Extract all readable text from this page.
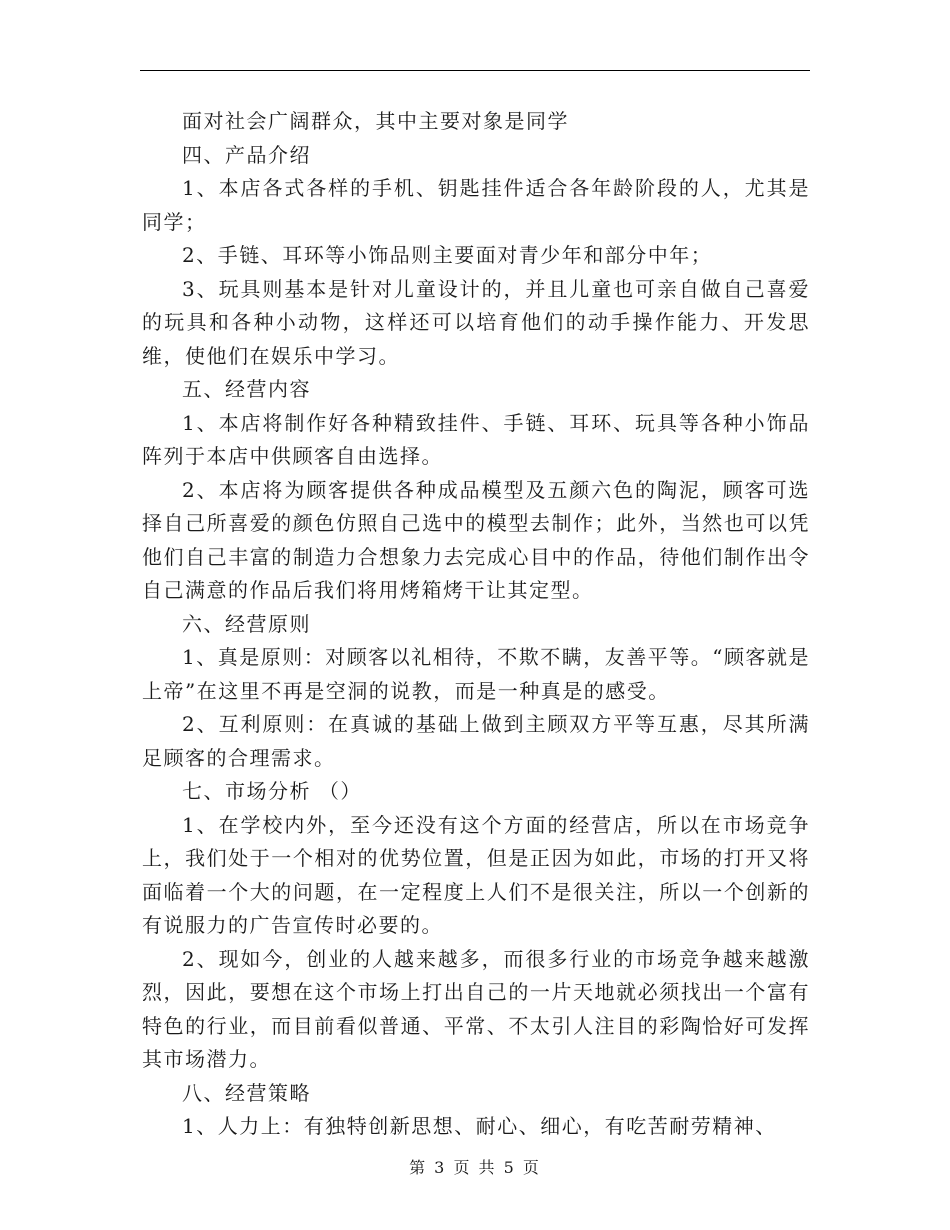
面对社会广阔群众，其中主要对象是同学

四、产品介绍

1、本店各式各样的手机、钥匙挂件适合各年龄阶段的人，尤其是同学；

2、手链、耳环等小饰品则主要面对青少年和部分中年；

3、玩具则基本是针对儿童设计的，并且儿童也可亲自做自己喜爱的玩具和各种小动物，这样还可以培育他们的动手操作能力、开发思维，使他们在娱乐中学习。

五、经营内容

1、本店将制作好各种精致挂件、手链、耳环、玩具等各种小饰品阵列于本店中供顾客自由选择。

2、本店将为顾客提供各种成品模型及五颜六色的陶泥，顾客可选择自己所喜爱的颜色仿照自己选中的模型去制作；此外，当然也可以凭他们自己丰富的制造力合想象力去完成心目中的作品，待他们制作出令自己满意的作品后我们将用烤箱烤干让其定型。

六、经营原则

1、真是原则：对顾客以礼相待，不欺不瞒，友善平等。“顾客就是上帝”在这里不再是空洞的说教，而是一种真是的感受。

2、互利原则：在真诚的基础上做到主顾双方平等互惠，尽其所满足顾客的合理需求。

七、市场分析 （）

1、在学校内外，至今还没有这个方面的经营店，所以在市场竞争上，我们处于一个相对的优势位置，但是正因为如此，市场的打开又将面临着一个大的问题，在一定程度上人们不是很关注，所以一个创新的有说服力的广告宣传时必要的。

2、现如今，创业的人越来越多，而很多行业的市场竞争越来越激烈，因此，要想在这个市场上打出自己的一片天地就必须找出一个富有特色的行业，而目前看似普通、平常、不太引人注目的彩陶恰好可发挥其市场潜力。

八、经营策略

1、人力上：有独特创新思想、耐心、细心，有吃苦耐劳精神、

第 3 页 共 5 页
